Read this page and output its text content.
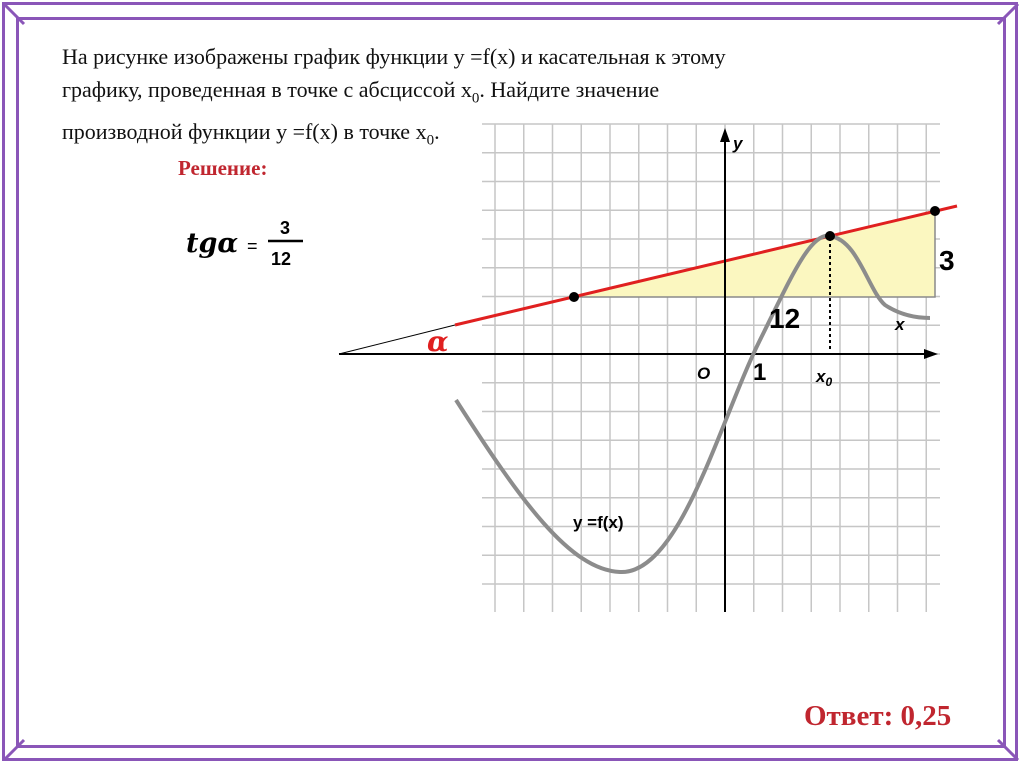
y
x
O 1	$x_0$
y =f(x)
α
3
12
На рисунке изображены график функции y =f(x) и касательная к этому
графику, проведенная в точке с абсциссой $x_0$. Найдите значение
производной функции y =f(x) в точке $x_0$.
Решение:
tgα =
3
12
Ответ: 0,25
